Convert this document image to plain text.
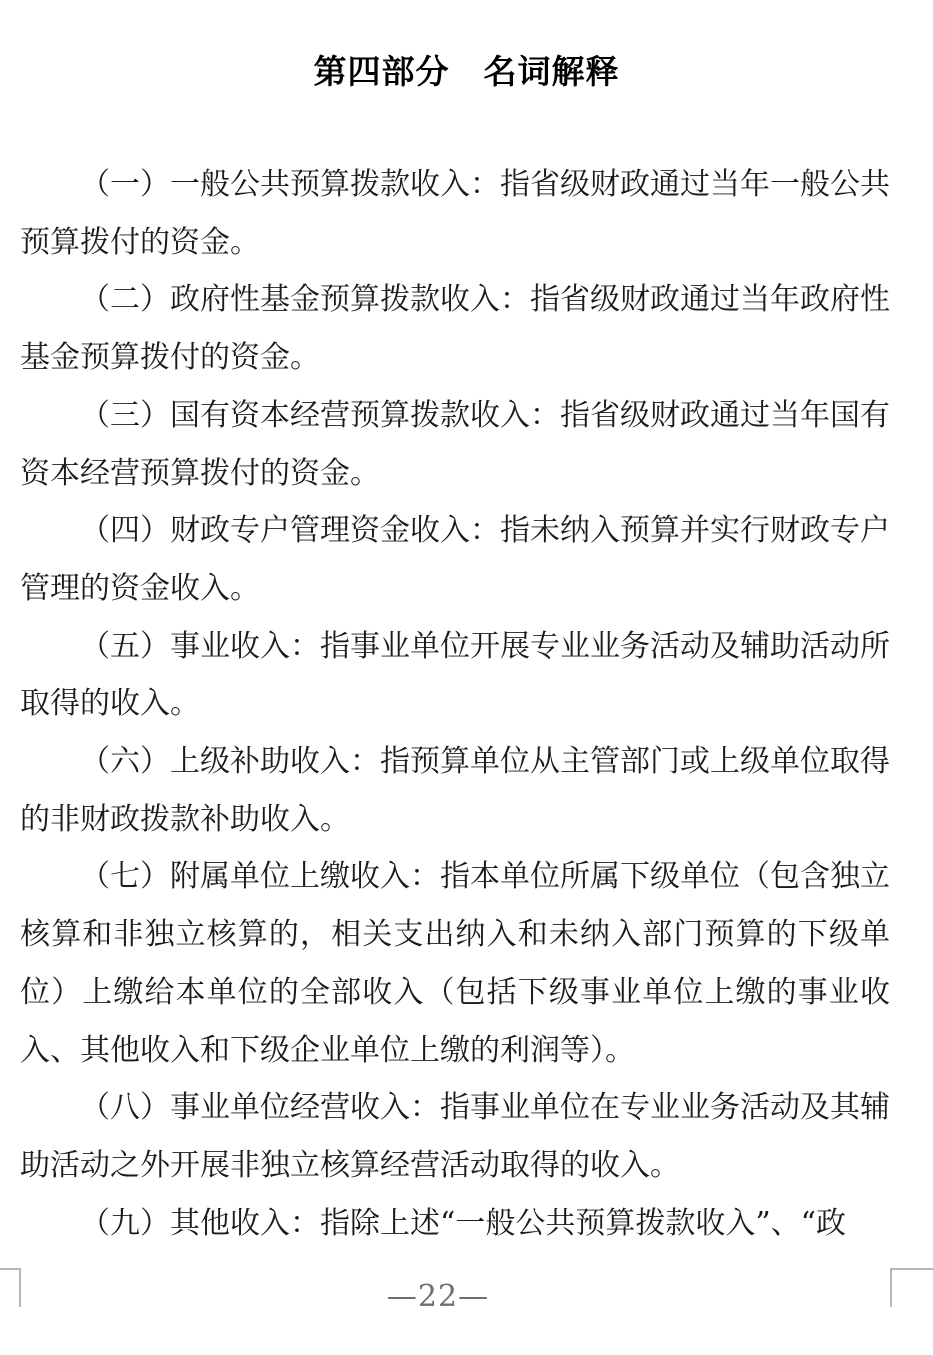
第四部分　名词解释

（一）一般公共预算拨款收入：指省级财政通过当年一般公共预算拨付的资金。

（二）政府性基金预算拨款收入：指省级财政通过当年政府性基金预算拨付的资金。

（三）国有资本经营预算拨款收入：指省级财政通过当年国有资本经营预算拨付的资金。

（四）财政专户管理资金收入：指未纳入预算并实行财政专户管理的资金收入。

（五）事业收入：指事业单位开展专业业务活动及辅助活动所取得的收入。

（六）上级补助收入：指预算单位从主管部门或上级单位取得的非财政拨款补助收入。

（七）附属单位上缴收入：指本单位所属下级单位（包含独立核算和非独立核算的，相关支出纳入和未纳入部门预算的下级单位）上缴给本单位的全部收入（包括下级事业单位上缴的事业收入、其他收入和下级企业单位上缴的利润等）。

（八）事业单位经营收入：指事业单位在专业业务活动及其辅助活动之外开展非独立核算经营活动取得的收入。

（九）其他收入：指除上述“一般公共预算拨款收入”、“政

—22—
